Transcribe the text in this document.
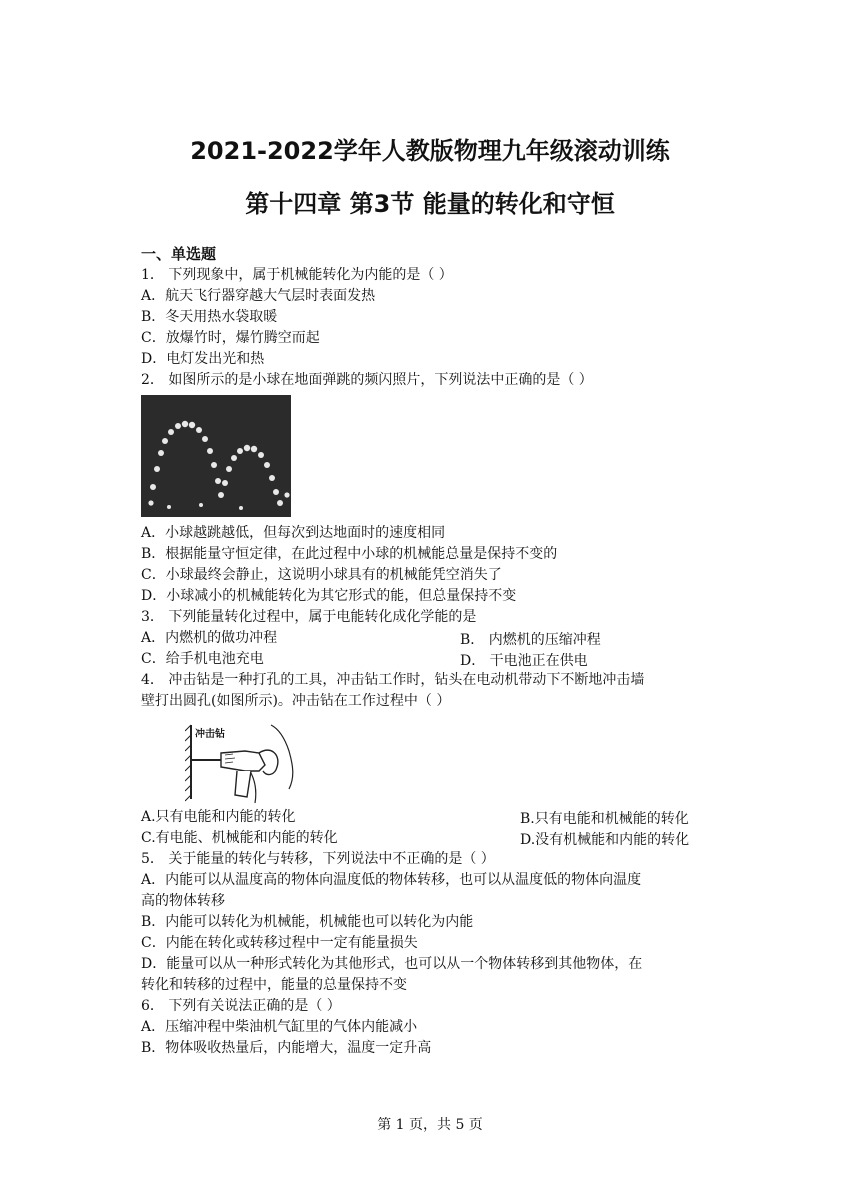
2021-2022学年人教版物理九年级滚动训练
第十四章 第3节 能量的转化和守恒
一、单选题
1． 下列现象中，属于机械能转化为内能的是（ ）
A．航天飞行器穿越大气层时表面发热
B．冬天用热水袋取暖
C．放爆竹时，爆竹腾空而起
D．电灯发出光和热
2． 如图所示的是小球在地面弹跳的频闪照片，下列说法中正确的是（ ）
A．小球越跳越低，但每次到达地面时的速度相同
B．根据能量守恒定律，在此过程中小球的机械能总量是保持不变的
C．小球最终会静止，这说明小球具有的机械能凭空消失了
D．小球减小的机械能转化为其它形式的能，但总量保持不变
3． 下列能量转化过程中，属于电能转化成化学能的是
A．内燃机的做功冲程	B． 内燃机的压缩冲程
C．给手机电池充电	D． 干电池正在供电
4． 冲击钻是一种打孔的工具，冲击钻工作时，钻头在电动机带动下不断地冲击墙
壁打出圆孔(如图所示)。冲击钻在工作过程中（ ）
冲击钻
A.只有电能和内能的转化	B.只有电能和机械能的转化
C.有电能、机械能和内能的转化	D.没有机械能和内能的转化
5． 关于能量的转化与转移，下列说法中不正确的是（ ）
A．内能可以从温度高的物体向温度低的物体转移，也可以从温度低的物体向温度
高的物体转移
B．内能可以转化为机械能，机械能也可以转化为内能
C．内能在转化或转移过程中一定有能量损失
D．能量可以从一种形式转化为其他形式，也可以从一个物体转移到其他物体，在
转化和转移的过程中，能量的总量保持不变
6． 下列有关说法正确的是（ ）
A．压缩冲程中柴油机气缸里的气体内能减小
B．物体吸收热量后，内能增大，温度一定升高
第 1 页，共 5 页
